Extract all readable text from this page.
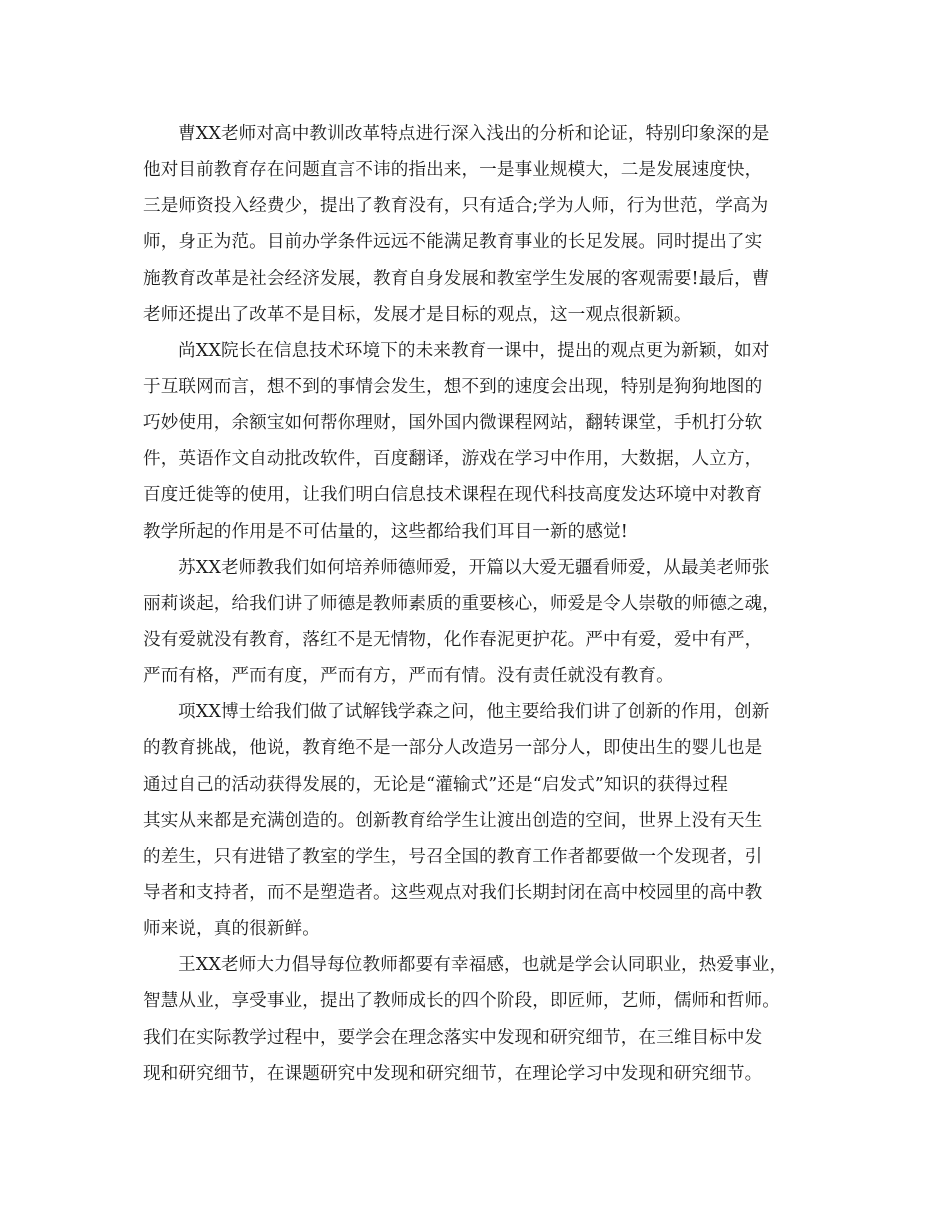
曹XX老师对高中教训改革特点进行深入浅出的分析和论证，特别印象深的是
他对目前教育存在问题直言不讳的指出来，一是事业规模大，二是发展速度快，
三是师资投入经费少，提出了教育没有，只有适合;学为人师，行为世范，学高为
师，身正为范。目前办学条件远远不能满足教育事业的长足发展。同时提出了实
施教育改革是社会经济发展，教育自身发展和教室学生发展的客观需要!最后，曹
老师还提出了改革不是目标，发展才是目标的观点，这一观点很新颖。
尚XX院长在信息技术环境下的未来教育一课中，提出的观点更为新颖，如对
于互联网而言，想不到的事情会发生，想不到的速度会出现，特别是狗狗地图的
巧妙使用，余额宝如何帮你理财，国外国内微课程网站，翻转课堂，手机打分软
件，英语作文自动批改软件，百度翻译，游戏在学习中作用，大数据，人立方，
百度迁徙等的使用，让我们明白信息技术课程在现代科技高度发达环境中对教育
教学所起的作用是不可估量的，这些都给我们耳目一新的感觉!
苏XX老师教我们如何培养师德师爱，开篇以大爱无疆看师爱，从最美老师张
丽莉谈起，给我们讲了师德是教师素质的重要核心，师爱是令人崇敬的师德之魂，
没有爱就没有教育，落红不是无情物，化作春泥更护花。严中有爱，爱中有严，
严而有格，严而有度，严而有方，严而有情。没有责任就没有教育。
项XX博士给我们做了试解钱学森之问，他主要给我们讲了创新的作用，创新
的教育挑战，他说，教育绝不是一部分人改造另一部分人，即使出生的婴儿也是
通过自己的活动获得发展的，无论是“灌输式”还是“启发式”知识的获得过程
其实从来都是充满创造的。创新教育给学生让渡出创造的空间，世界上没有天生
的差生，只有进错了教室的学生，号召全国的教育工作者都要做一个发现者，引
导者和支持者，而不是塑造者。这些观点对我们长期封闭在高中校园里的高中教
师来说，真的很新鲜。
王XX老师大力倡导每位教师都要有幸福感，也就是学会认同职业，热爱事业，
智慧从业，享受事业，提出了教师成长的四个阶段，即匠师，艺师，儒师和哲师。
我们在实际教学过程中，要学会在理念落实中发现和研究细节，在三维目标中发
现和研究细节，在课题研究中发现和研究细节，在理论学习中发现和研究细节。
